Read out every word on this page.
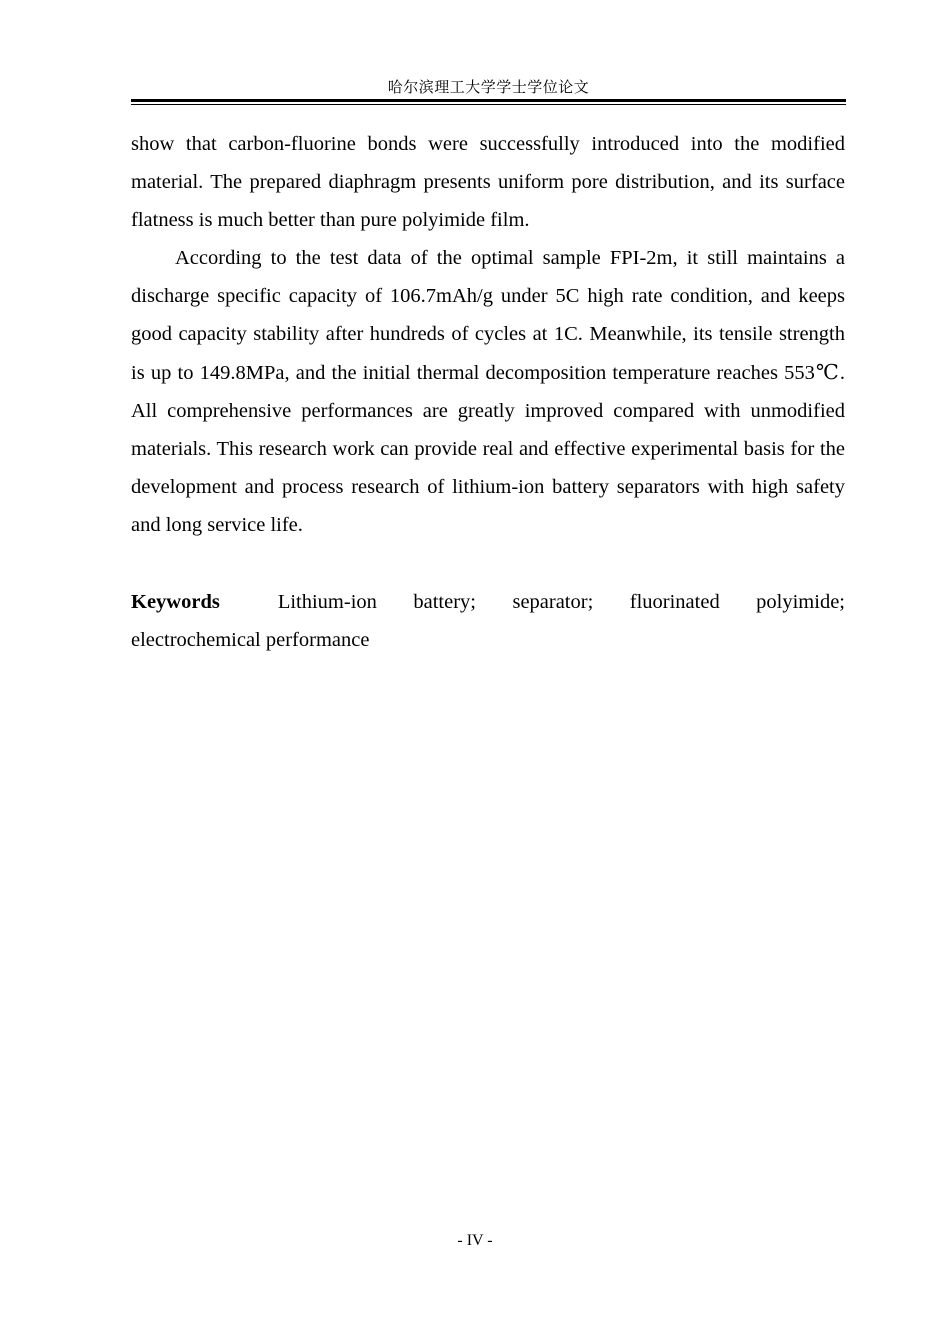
哈尔滨理工大学学士学位论文

show that carbon-fluorine bonds were successfully introduced into the modified material. The prepared diaphragm presents uniform pore distribution, and its surface flatness is much better than pure polyimide film.

According to the test data of the optimal sample FPI-2m, it still maintains a discharge specific capacity of 106.7mAh/g under 5C high rate condition, and keeps good capacity stability after hundreds of cycles at 1C. Meanwhile, its tensile strength is up to 149.8MPa, and the initial thermal decomposition temperature reaches 553℃. All comprehensive performances are greatly improved compared with unmodified materials. This research work can provide real and effective experimental basis for the development and process research of lithium-ion battery separators with high safety and long service life.

Keywords	Lithium-ion battery; separator; fluorinated polyimide; electrochemical performance
- IV -
